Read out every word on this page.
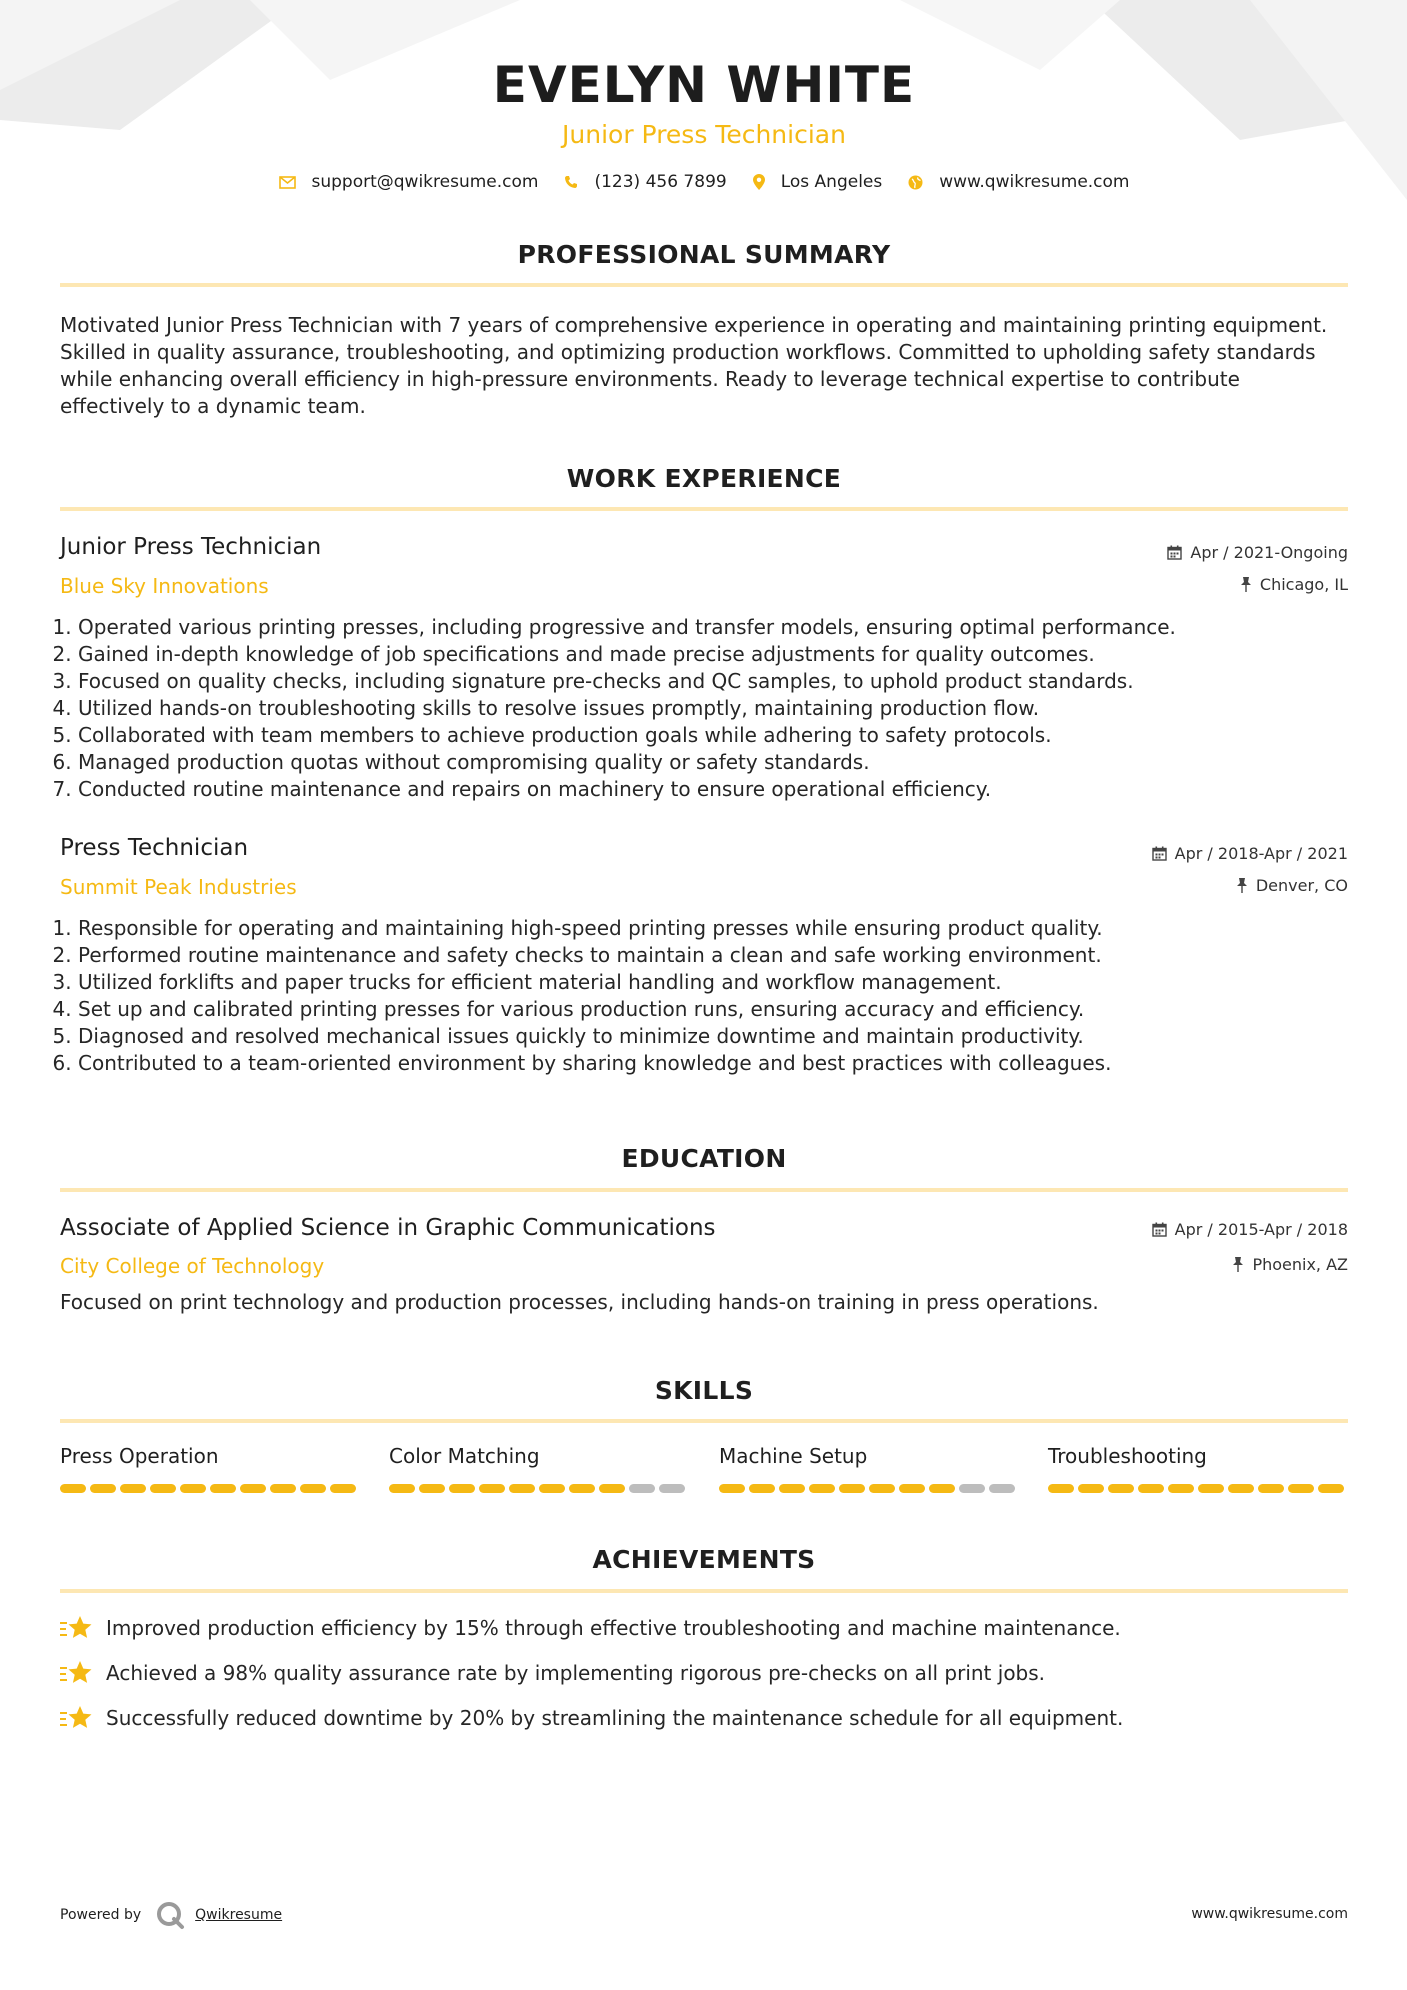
EVELYN WHITE
Junior Press Technician
support@qwikresume.com	(123) 456 7899	Los Angeles	www.qwikresume.com
PROFESSIONAL SUMMARY
Motivated Junior Press Technician with 7 years of comprehensive experience in operating and maintaining printing equipment. Skilled in quality assurance, troubleshooting, and optimizing production workflows. Committed to upholding safety standards while enhancing overall efficiency in high-pressure environments. Ready to leverage technical expertise to contribute effectively to a dynamic team.
WORK EXPERIENCE
Junior Press Technician	Apr / 2021-Ongoing
Blue Sky Innovations	Chicago, IL
1. Operated various printing presses, including progressive and transfer models, ensuring optimal performance.
2. Gained in-depth knowledge of job specifications and made precise adjustments for quality outcomes.
3. Focused on quality checks, including signature pre-checks and QC samples, to uphold product standards.
4. Utilized hands-on troubleshooting skills to resolve issues promptly, maintaining production flow.
5. Collaborated with team members to achieve production goals while adhering to safety protocols.
6. Managed production quotas without compromising quality or safety standards.
7. Conducted routine maintenance and repairs on machinery to ensure operational efficiency.
Press Technician	Apr / 2018-Apr / 2021
Summit Peak Industries	Denver, CO
1. Responsible for operating and maintaining high-speed printing presses while ensuring product quality.
2. Performed routine maintenance and safety checks to maintain a clean and safe working environment.
3. Utilized forklifts and paper trucks for efficient material handling and workflow management.
4. Set up and calibrated printing presses for various production runs, ensuring accuracy and efficiency.
5. Diagnosed and resolved mechanical issues quickly to minimize downtime and maintain productivity.
6. Contributed to a team-oriented environment by sharing knowledge and best practices with colleagues.
EDUCATION
Associate of Applied Science in Graphic Communications	Apr / 2015-Apr / 2018
City College of Technology	Phoenix, AZ
Focused on print technology and production processes, including hands-on training in press operations.
SKILLS
Press Operation	Color Matching	Machine Setup	Troubleshooting
ACHIEVEMENTS
Improved production efficiency by 15% through effective troubleshooting and machine maintenance.
Achieved a 98% quality assurance rate by implementing rigorous pre-checks on all print jobs.
Successfully reduced downtime by 20% by streamlining the maintenance schedule for all equipment.
Powered by	Qwikresume	www.qwikresume.com
